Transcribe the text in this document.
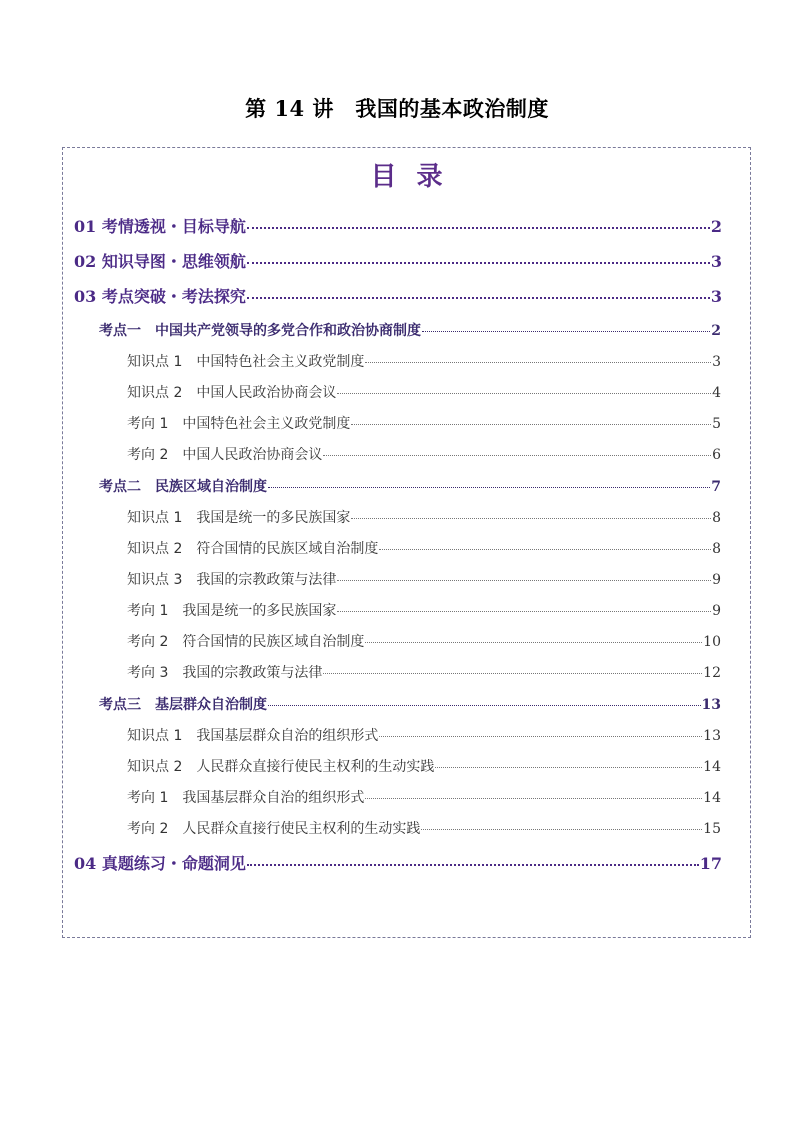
第 14 讲　我国的基本政治制度
目录
01 考情透视・目标导航	2
02 知识导图・思维领航	3
03 考点突破・考法探究	3
考点一　中国共产党领导的多党合作和政治协商制度	2
知识点 1　中国特色社会主义政党制度	3
知识点 2　中国人民政治协商会议	4
考向 1　中国特色社会主义政党制度	5
考向 2　中国人民政治协商会议	6
考点二　民族区域自治制度	7
知识点 1　我国是统一的多民族国家	8
知识点 2　符合国情的民族区域自治制度	8
知识点 3　我国的宗教政策与法律	9
考向 1　我国是统一的多民族国家	9
考向 2　符合国情的民族区域自治制度	10
考向 3　我国的宗教政策与法律	12
考点三　基层群众自治制度	13
知识点 1　我国基层群众自治的组织形式	13
知识点 2　人民群众直接行使民主权利的生动实践	14
考向 1　我国基层群众自治的组织形式	14
考向 2　人民群众直接行使民主权利的生动实践	15
04 真题练习・命题洞见	17
